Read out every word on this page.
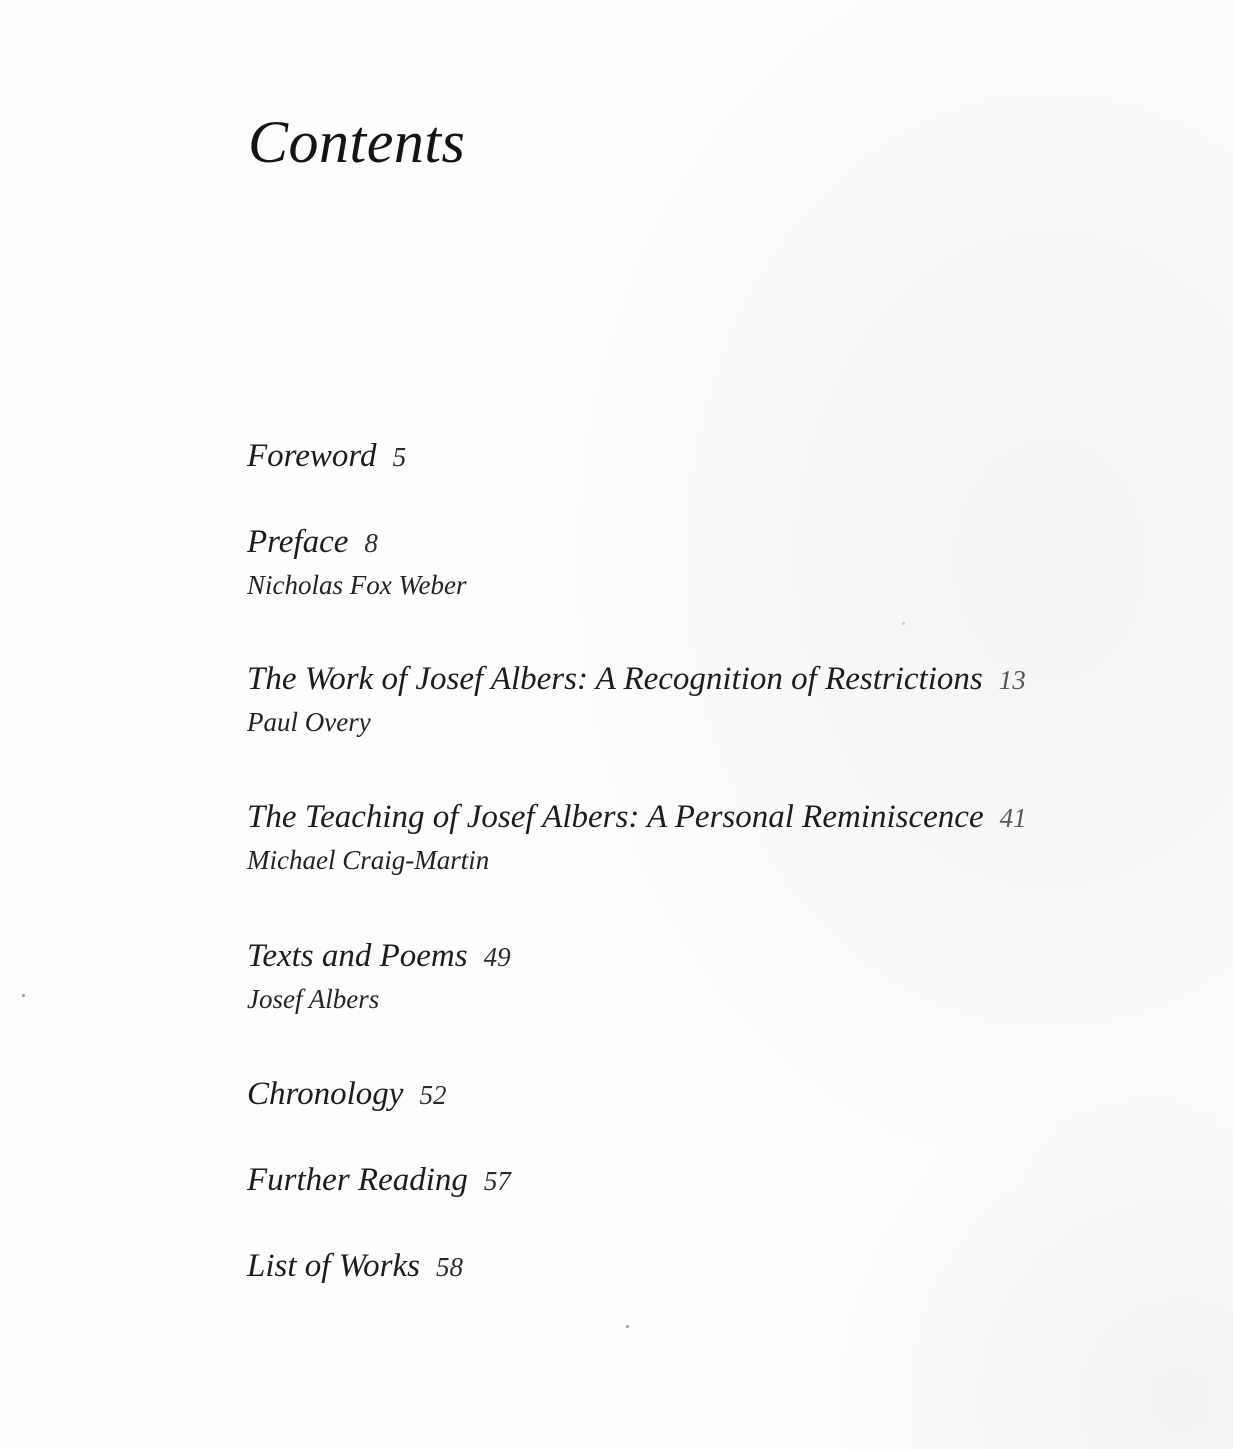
Contents
Foreword 5
Preface 8
Nicholas Fox Weber
The Work of Josef Albers: A Recognition of Restrictions 13
Paul Overy
The Teaching of Josef Albers: A Personal Reminiscence 41
Michael Craig-Martin
Texts and Poems 49
Josef Albers
Chronology 52
Further Reading 57
List of Works 58
